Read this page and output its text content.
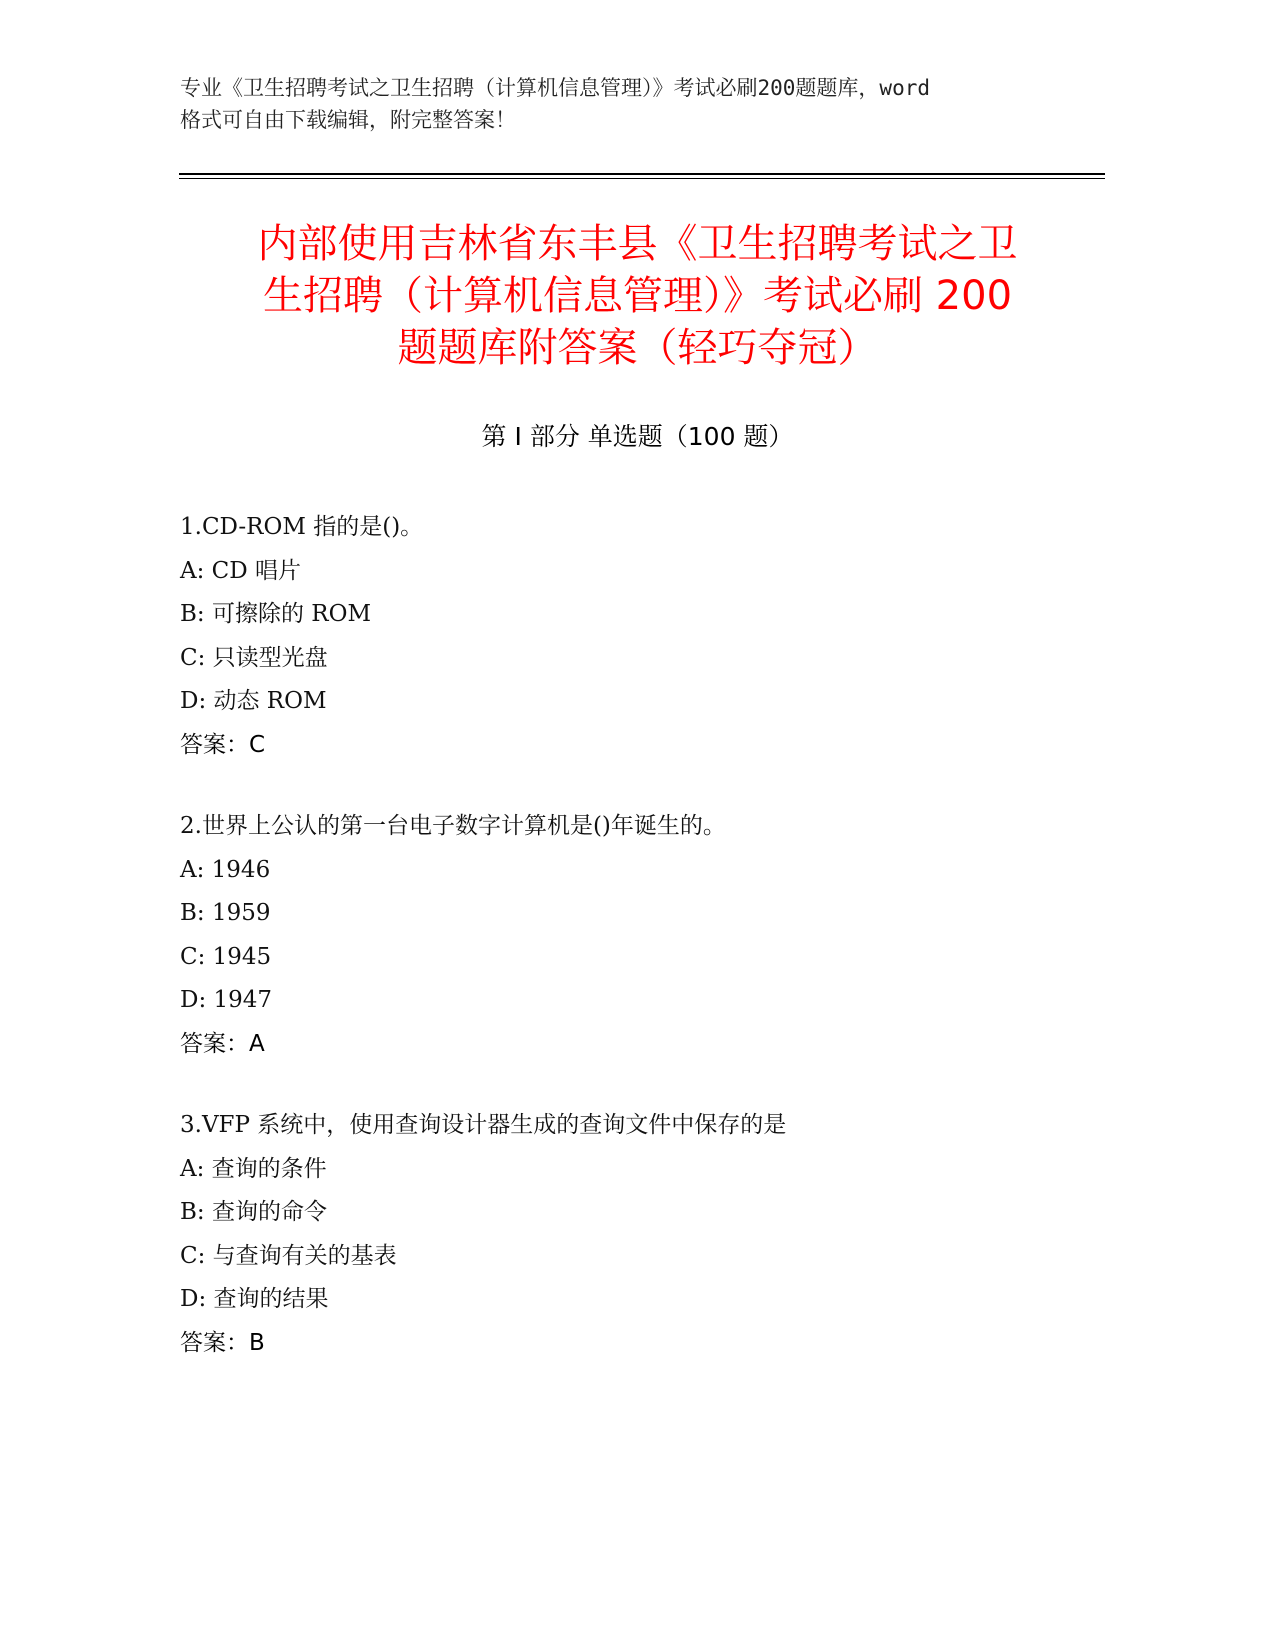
专业《卫生招聘考试之卫生招聘（计算机信息管理）》考试必刷200题题库，word
格式可自由下载编辑，附完整答案！
内部使用吉林省东丰县《卫生招聘考试之卫
生招聘（计算机信息管理）》考试必刷 200
题题库附答案（轻巧夺冠）
第 I 部分 单选题（100 题）
1.CD-ROM 指的是()。
A: CD 唱片
B: 可擦除的 ROM
C: 只读型光盘
D: 动态 ROM
答案：C
2.世界上公认的第一台电子数字计算机是()年诞生的。
A: 1946
B: 1959
C: 1945
D: 1947
答案：A
3.VFP 系统中，使用查询设计器生成的查询文件中保存的是
A: 查询的条件
B: 查询的命令
C: 与查询有关的基表
D: 查询的结果
答案：B
